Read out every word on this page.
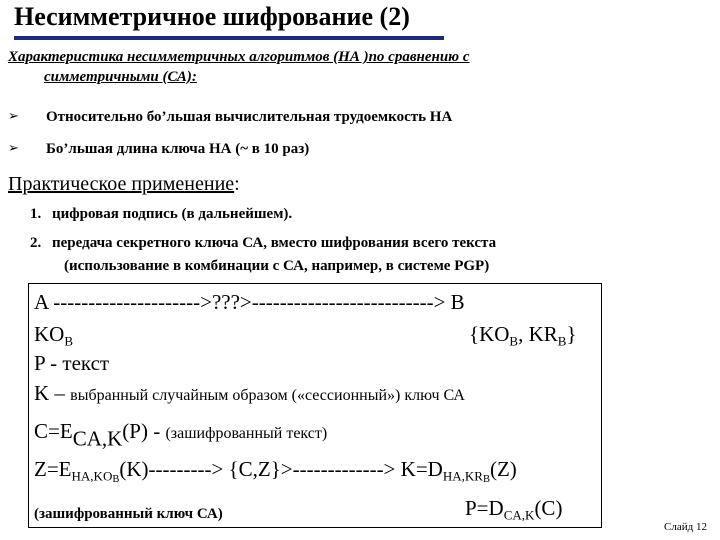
Несимметричное шифрование (2)
Характеристика несимметричных алгоритмов (НА )по сравнению с
симметричными (СА):
➢	Относительно бо’льшая вычислительная трудоемкость НА
➢	Бо’льшая длина ключа НА (~ в 10 раз)
Практическое применение:
1. цифровая подпись (в дальнейшем).
2. передача секретного ключа СА, вместо шифрования всего текста
(использование в комбинации с СА, например, в системе PGP)
A --------------------->???>--------------------------> B
$KO_B$	{$KO_B$, $KR_B$}
P - текст
K – выбранный случайным образом («сессионный») ключ СА
$C=E_{CA,K}(P)$ - (зашифрованный текст)
$Z=E_{HA,KOB}(K)---------> \{C,Z\}>-------------> K=D_{HA,KRB}(Z)$
(зашифрованный ключ СА)	$P=D_{CA,K}(C)$
Слайд 12
